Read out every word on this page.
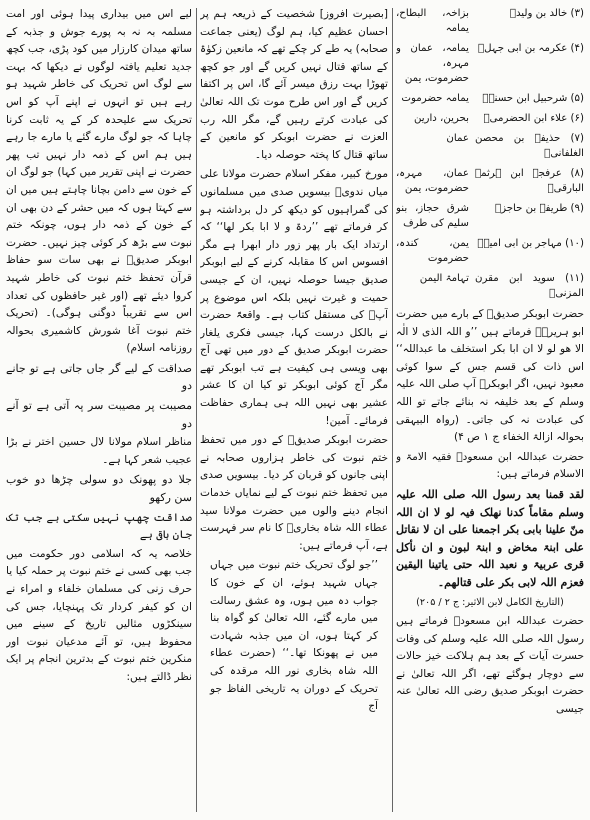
(۳) خالد بن ولیدؓ	بزاخہ، البطاح، یمامہ
(۴) عکرمہ بن ابی جہلؓ	یمامہ، عمان و مہرہ، حضرموت، یمن
(۵) شرحبیل ابن حسنہؓ	یمامہ حضرموت
(۶) علاء ابن الحضرمیؓ	بحرین، دارین
(۷) حذیفہ بن محصن الغلفانیؓ	عمان
(۸) عرفجہ ابن ہرثمہ البارقیؓ	عمان، مہرہ، حضرموت، یمن
(۹) طریفہ بن حاجزؓ	شرق حجاز، بنو سلیم کی طرف
(۱۰) مہاجر بن ابی امیہؓ	یمن، کندہ، حضرموت
(۱۱) سوید ابن مقرن المزنیؓ	تہامۃ الیمن

حضرت ابوبکر صدیقؓ کے بارے میں حضرت ابو ہریرہؓ فرماتے ہیں ’’و اللہ الذی لا الٰہ الا ھو لو لا ان ابا بکر استخلف ما عبداللہ‘‘ اس ذات کی قسم جس کے سوا کوئی معبود نہیں، اگر ابوبکرؓ آپ صلی اللہ علیہ وسلم کے بعد خلیفہ نہ بنائے جاتے تو اللہ کی عبادت نہ کی جاتی۔ (رواہ البیہقی بحوالہ ازالۃ الخفاء ج ۱ ص ۴)

حضرت عبداللہ ابن مسعودؓ فقیہ الامۃ و الاسلام فرماتے ہیں:

لقد قمنا بعد رسول اللہ صلی اللہ علیہ وسلم مقاماً کدنا نھلک فیہ لو لا ان اللہ منّ علینا بابی بکر اجمعنا علی ان لا نقاتل علی ابنۃ مخاض و ابنۃ لبون و ان نأکل قری عربیۃ و نعبد اللہ حتی یاتینا الیقین فعزم اللہ لابی بکر علی قتالھم۔

(التاریخ الکامل لابن الاثیر: ج ۲ / ۲۰۵)

حضرت عبداللہ ابن مسعودؓ فرماتے ہیں رسول اللہ صلی اللہ علیہ وسلم کی وفات حسرت آیات کے بعد ہم ہلاکت خیز حالات سے دوچار ہوگئے تھے، اگر اللہ تعالیٰ نے حضرت ابوبکر صدیق رضی اللہ تعالیٰ عنہ جیسی

[بصیرت افروز] شخصیت کے ذریعہ ہم پر احسان عظیم کیا، ہم لوگ (یعنی جماعت صحابہ) یہ طے کر چکے تھے کہ مانعین زکوٰۃ کے ساتھ قتال نہیں کریں گے اور جو کچھ تھوڑا بہت رزق میسر آئے گا، اس پر اکتفا کریں گے اور اس طرح موت تک اللہ تعالیٰ کی عبادت کرتے رہیں گے، مگر اللہ رب العزت نے حضرت ابوبکر کو مانعین کے ساتھ قتال کا پختہ حوصلہ دیا۔

مورخ کبیر، مفکر اسلام حضرت مولانا علی میاں ندویؒ بیسویں صدی میں مسلمانوں کی گمراہیوں کو دیکھ کر دل برداشتہ ہو کر فرماتے تھے ’’ردۃ و لا ابا بکر لھا‘‘ کہ ارتداد ایک بار پھر زور دار ابھرا ہے مگر افسوس اس کا مقابلہ کرنے کے لیے ابوبکر صدیق جیسا حوصلہ نہیں، ان کے جیسی حمیت و غیرت نہیں بلکہ اس موضوع پر آپؒ کی مستقل کتاب ہے۔ واقعۃً حضرت نے بالکل درست کہا، جیسی فکری یلغار حضرت ابوبکر صدیق کے دور میں تھی آج بھی ویسی ہی کیفیت ہے تب ابوبکر تھے مگر آج کوئی ابوبکر تو کیا ان کا عشر عشیر بھی نہیں اللہ ہی ہماری حفاظت فرمائے۔ آمین!

حضرت ابوبکر صدیقؓ کے دور میں تحفظ ختم نبوت کی خاطر ہزاروں صحابہ نے اپنی جانوں کو قربان کر دیا۔ بیسویں صدی میں تحفظ ختم نبوت کے لیے نمایاں خدمات انجام دینے والوں میں حضرت مولانا سید عطاء اللہ شاہ بخاریؒ کا نام سر فہرست ہے، آپ فرماتے ہیں:

’’جو لوگ تحریک ختم نبوت میں جہاں جہاں شہید ہوئے، ان کے خون کا جواب دہ میں ہوں، وہ عشق رسالت میں مارے گئے، اللہ تعالیٰ کو گواہ بنا کر کہتا ہوں، ان میں جذبہ شہادت میں نے پھونکا تھا۔‘‘ (حضرت عطاء اللہ شاہ بخاری نور اللہ مرقدہ کی تحریک کے دوران یہ تاریخی الفاظ جو آج

لیے اس میں بیداری پیدا ہوئی اور امت مسلمہ بہ نہ بہ پورے جوش و جذبہ کے ساتھ میدان کارزار میں کود پڑی، جب کچھ جدید تعلیم یافتہ لوگوں نے دیکھا کہ بہت سے لوگ اس تحریک کی خاطر شہید ہو رہے ہیں تو انہوں نے اپنے آپ کو اس تحریک سے علیحدہ کر کے یہ ثابت کرنا چاہا کہ جو لوگ مارے گئے یا مارے جا رہے ہیں ہم اس کے ذمہ دار نہیں تب پھر حضرت نے اپنی تقریر میں کہا) جو لوگ ان کے خون سے دامن بچانا چاہتے ہیں میں ان سے کہتا ہوں کہ میں حشر کے دن بھی ان کے خون کے ذمہ دار ہوں، چونکہ ختم نبوت سے بڑھ کر کوئی چیز نہیں۔ حضرت ابوبکر صدیقؓ نے بھی سات سو حفاظ قرآن تحفظ ختم نبوت کی خاطر شہید کروا دیئے تھے (اور غیر حافظوں کی تعداد اس سے تقریباً دوگنی ہوگی)۔ (تحریک ختم نبوت آغا شورش کاشمیری بحوالہ روزنامہ اسلام)

صداقت کے لیے گر جاں جاتی ہے تو جانے دو

مصیبت پر مصیبت سر پہ آتی ہے تو آنے دو

مناظر اسلام مولانا لال حسین اختر نے بڑا عجیب شعر کہا ہے۔

جلا دو پھونک دو سولی چڑھا دو خوب سن رکھو

صداقت چھپ نہیں سکتی بے جب تک جان باقی ہے

خلاصہ یہ کہ اسلامی دور حکومت میں جب بھی کسی نے ختم نبوت پر حملہ کیا یا حرف زنی کی مسلمان خلفاء و امراء نے ان کو کیفر کردار تک پہنچایا، جس کی سینکڑوں مثالیں تاریخ کے سینے میں محفوظ ہیں، تو آئے مدعیان نبوت اور منکرین ختم نبوت کے بدترین انجام پر ایک نظر ڈالتے ہیں:
